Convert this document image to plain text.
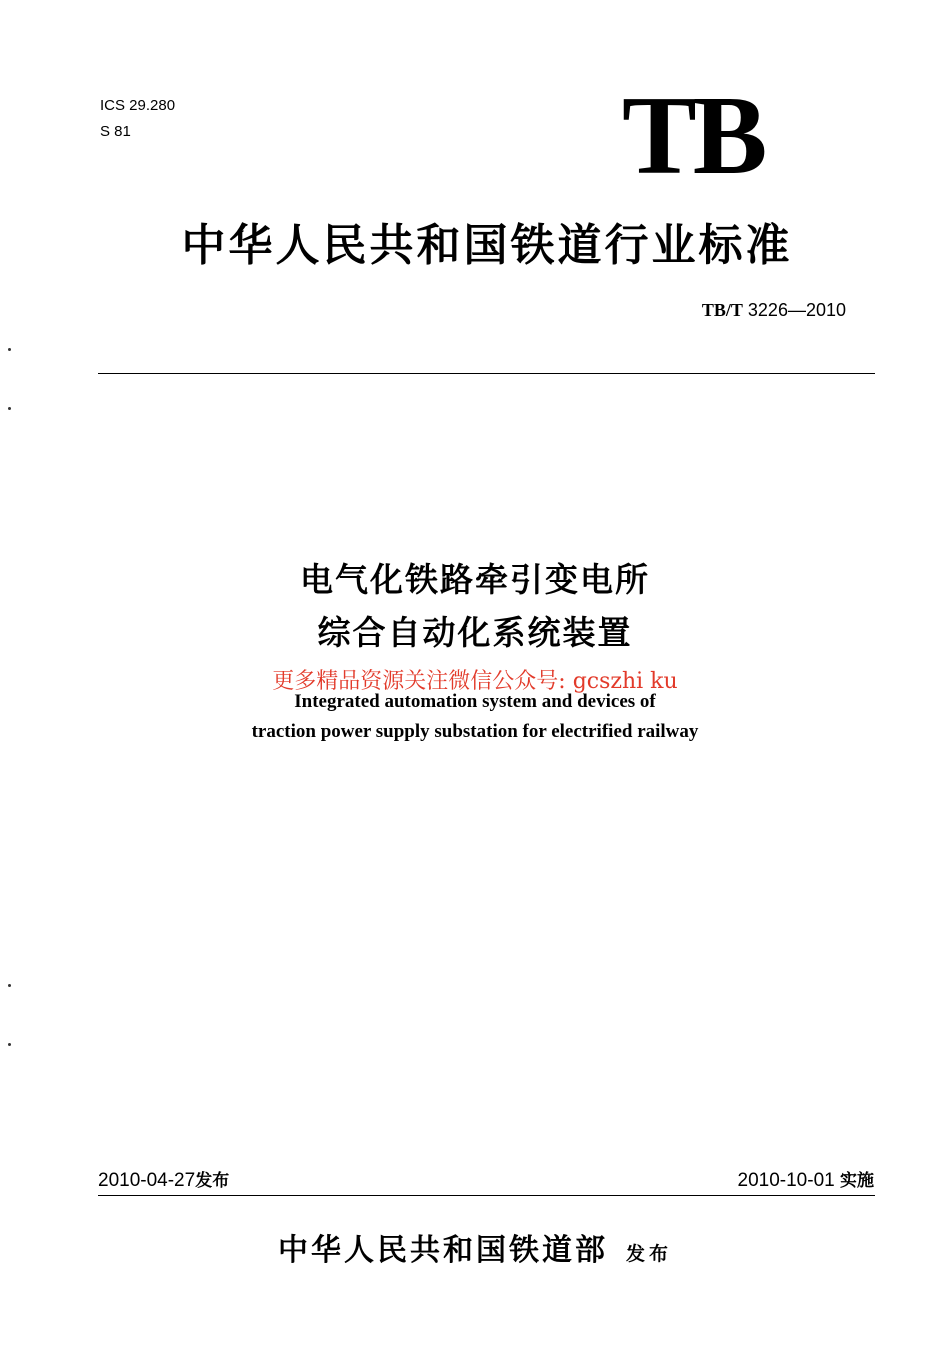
ICS 29.280
S 81	TB
中华人民共和国铁道行业标准
TB/T 3226—2010
电气化铁路牵引变电所
综合自动化系统装置
更多精品资源关注微信公众号: gcszhi ku
Integrated automation system and devices of
traction power supply substation for electrified railway
2010-04-27发布	2010-10-01 实施
中华人民共和国铁道部 发布
